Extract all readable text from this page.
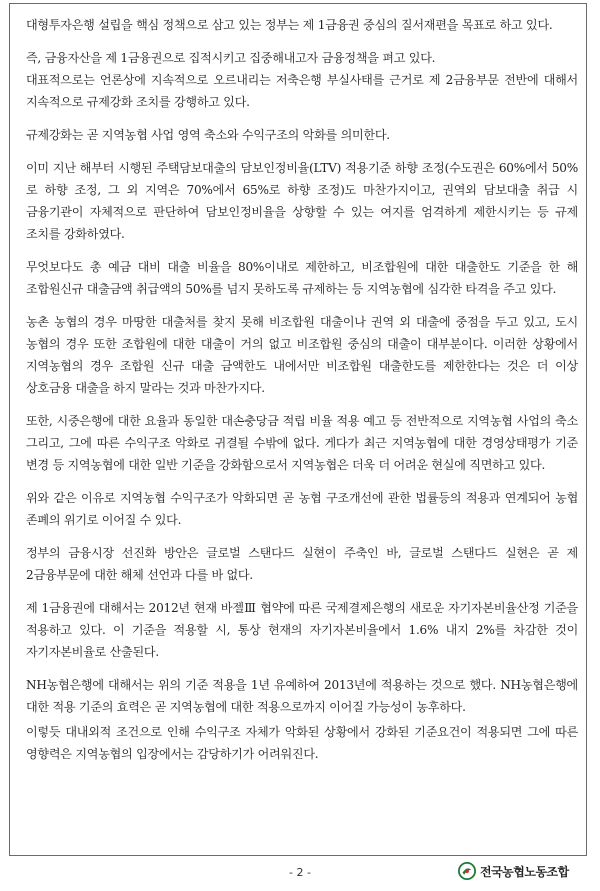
대형투자은행 설립을 핵심 정책으로 삼고 있는 정부는 제 1금융권 중심의 질서재편을 목표로 하고 있다.

즉, 금융자산을 제 1금융권으로 집적시키고 집중해내고자 금융정책을 펴고 있다.

대표적으로는 언론상에 지속적으로 오르내리는 저축은행 부실사태를 근거로 제 2금융부문 전반에 대해서 지속적으로 규제강화 조치를 강행하고 있다.

규제강화는 곧 지역농협 사업 영역 축소와 수익구조의 악화를 의미한다.

이미 지난 해부터 시행된 주택담보대출의 담보인정비율(LTV) 적용기준 하향 조정(수도권은 60%에서 50%로 하향 조정, 그 외 지역은 70%에서 65%로 하향 조정)도 마찬가지이고, 권역외 담보대출 취급 시 금융기관이 자체적으로 판단하여 담보인정비율을 상향할 수 있는 여지를 엄격하게 제한시키는 등 규제 조치를 강화하였다.

무엇보다도 총 예금 대비 대출 비율을 80%이내로 제한하고, 비조합원에 대한 대출한도 기준을 한 해 조합원신규 대출금액 취급액의 50%를 넘지 못하도록 규제하는 등 지역농협에 심각한 타격을 주고 있다.

농촌 농협의 경우 마땅한 대출처를 찾지 못해 비조합원 대출이나 권역 외 대출에 중점을 두고 있고, 도시 농협의 경우 또한 조합원에 대한 대출이 거의 없고 비조합원 중심의 대출이 대부분이다. 이러한 상황에서 지역농협의 경우 조합원 신규 대출 금액한도 내에서만 비조합원 대출한도를 제한한다는 것은 더 이상 상호금융 대출을 하지 말라는 것과 마찬가지다.

또한, 시중은행에 대한 요율과 동일한 대손충당금 적립 비율 적용 예고 등 전반적으로 지역농협 사업의 축소 그리고, 그에 따른 수익구조 악화로 귀결될 수밖에 없다. 게다가 최근 지역농협에 대한 경영상태평가 기준 변경 등 지역농협에 대한 일반 기준을 강화함으로서 지역농협은 더욱 더 어려운 현실에 직면하고 있다.

위와 같은 이유로 지역농협 수익구조가 악화되면 곧 농협 구조개선에 관한 법률등의 적용과 연계되어 농협 존폐의 위기로 이어질 수 있다.

정부의 금융시장 선진화 방안은 글로벌 스탠다드 실현이 주축인 바, 글로벌 스탠다드 실현은 곧 제 2금융부문에 대한 해체 선언과 다를 바 없다.

제 1금융권에 대해서는 2012년 현재 바젤Ⅲ 협약에 따른 국제결제은행의 새로운 자기자본비율산정 기준을 적용하고 있다. 이 기준을 적용할 시, 통상 현재의 자기자본비율에서 1.6% 내지 2%를 차감한 것이 자기자본비율로 산출된다.

NH농협은행에 대해서는 위의 기준 적용을 1년 유예하여 2013년에 적용하는 것으로 했다. NH농협은행에 대한 적용 기준의 효력은 곧 지역농협에 대한 적용으로까지 이어질 가능성이 농후하다.

이렇듯 대내외적 조건으로 인해 수익구조 자체가 악화된 상황에서 강화된 기준요건이 적용되면 그에 따른 영향력은 지역농협의 입장에서는 감당하기가 어려워진다.

- 2 -	전국농협노동조합
